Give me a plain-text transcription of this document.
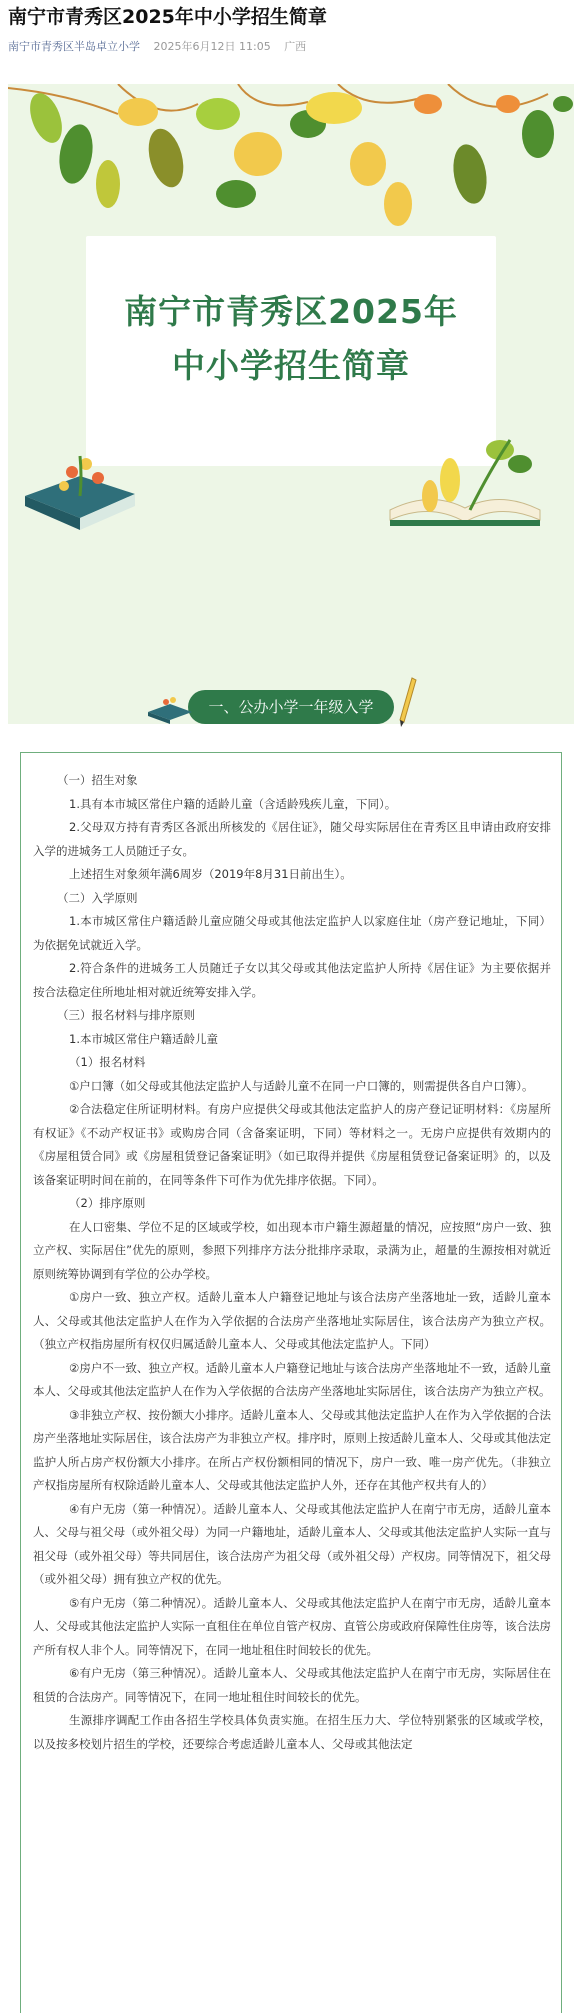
南宁市青秀区2025年中小学招生简章
南宁市青秀区半岛卓立小学 2025年6月12日 11:05 广西
南宁市青秀区2025年
中小学招生简章
一、公办小学一年级入学

（一）招生对象

1.具有本市城区常住户籍的适龄儿童（含适龄残疾儿童，下同）。

2.父母双方持有青秀区各派出所核发的《居住证》，随父母实际居住在青秀区且申请由政府安排入学的进城务工人员随迁子女。

上述招生对象须年满6周岁（2019年8月31日前出生）。

（二）入学原则

1.本市城区常住户籍适龄儿童应随父母或其他法定监护人以家庭住址（房产登记地址，下同）为依据免试就近入学。

2.符合条件的进城务工人员随迁子女以其父母或其他法定监护人所持《居住证》为主要依据并按合法稳定住所地址相对就近统筹安排入学。

（三）报名材料与排序原则

1.本市城区常住户籍适龄儿童

（1）报名材料

①户口簿（如父母或其他法定监护人与适龄儿童不在同一户口簿的，则需提供各自户口簿）。

②合法稳定住所证明材料。有房户应提供父母或其他法定监护人的房产登记证明材料：《房屋所有权证》《不动产权证书》或购房合同（含备案证明，下同）等材料之一。无房户应提供有效期内的《房屋租赁合同》或《房屋租赁登记备案证明》（如已取得并提供《房屋租赁登记备案证明》的，以及该备案证明时间在前的，在同等条件下可作为优先排序依据。下同）。

（2）排序原则

在人口密集、学位不足的区域或学校，如出现本市户籍生源超量的情况，应按照“房户一致、独立产权、实际居住”优先的原则，参照下列排序方法分批排序录取，录满为止，超量的生源按相对就近原则统筹协调到有学位的公办学校。

①房户一致、独立产权。适龄儿童本人户籍登记地址与该合法房产坐落地址一致，适龄儿童本人、父母或其他法定监护人在作为入学依据的合法房产坐落地址实际居住，该合法房产为独立产权。（独立产权指房屋所有权仅归属适龄儿童本人、父母或其他法定监护人。下同）

②房户不一致、独立产权。适龄儿童本人户籍登记地址与该合法房产坐落地址不一致，适龄儿童本人、父母或其他法定监护人在作为入学依据的合法房产坐落地址实际居住，该合法房产为独立产权。

③非独立产权、按份额大小排序。适龄儿童本人、父母或其他法定监护人在作为入学依据的合法房产坐落地址实际居住，该合法房产为非独立产权。排序时，原则上按适龄儿童本人、父母或其他法定监护人所占房产权份额大小排序。在所占产权份额相同的情况下，房户一致、唯一房产优先。（非独立产权指房屋所有权除适龄儿童本人、父母或其他法定监护人外，还存在其他产权共有人的）

④有户无房（第一种情况）。适龄儿童本人、父母或其他法定监护人在南宁市无房，适龄儿童本人、父母与祖父母（或外祖父母）为同一户籍地址，适龄儿童本人、父母或其他法定监护人实际一直与祖父母（或外祖父母）等共同居住，该合法房产为祖父母（或外祖父母）产权房。同等情况下，祖父母（或外祖父母）拥有独立产权的优先。

⑤有户无房（第二种情况）。适龄儿童本人、父母或其他法定监护人在南宁市无房，适龄儿童本人、父母或其他法定监护人实际一直租住在单位自管产权房、直管公房或政府保障性住房等，该合法房产所有权人非个人。同等情况下，在同一地址租住时间较长的优先。

⑥有户无房（第三种情况）。适龄儿童本人、父母或其他法定监护人在南宁市无房，实际居住在租赁的合法房产。同等情况下，在同一地址租住时间较长的优先。

生源排序调配工作由各招生学校具体负责实施。在招生压力大、学位特别紧张的区域或学校，以及按多校划片招生的学校，还要综合考虑适龄儿童本人、父母或其他法定
